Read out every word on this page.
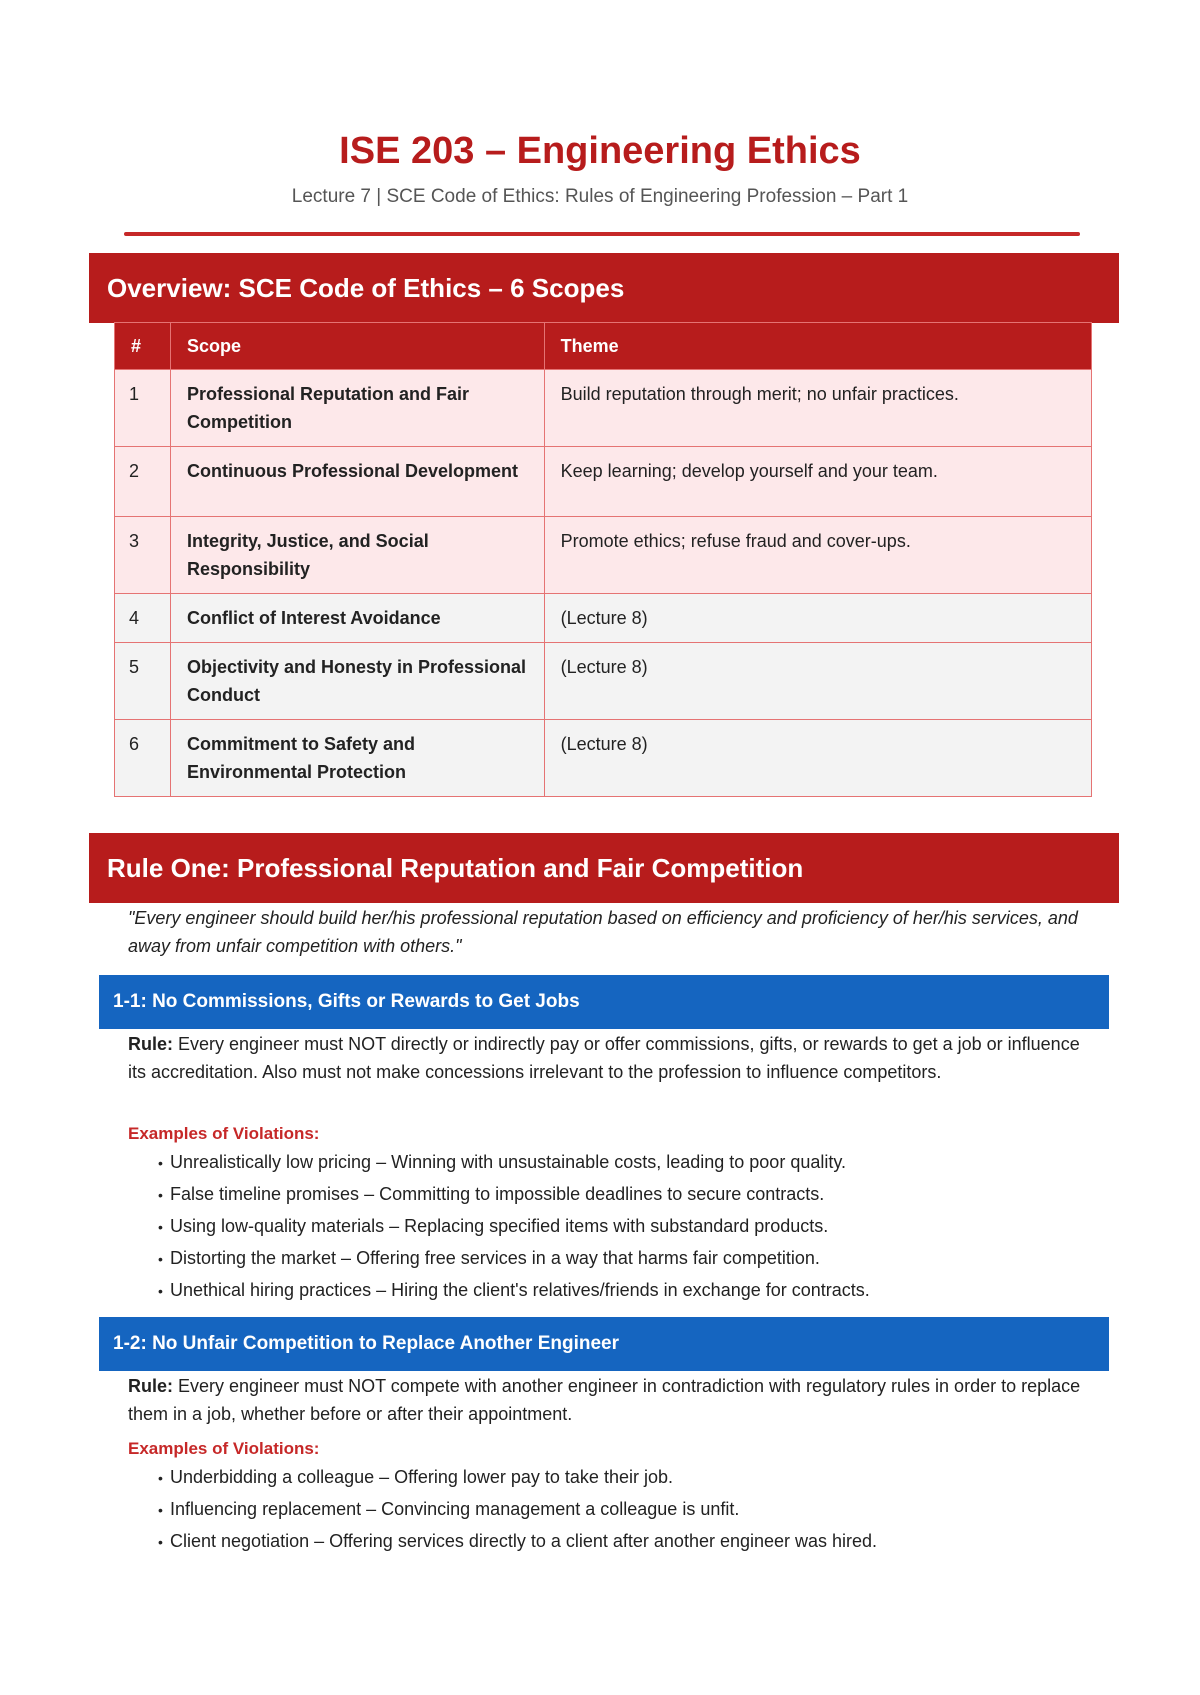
ISE 203 – Engineering Ethics
Lecture 7 | SCE Code of Ethics: Rules of Engineering Profession – Part 1
Overview: SCE Code of Ethics – 6 Scopes
#	Scope	Theme
1	Professional Reputation and Fair Competition	Build reputation through merit; no unfair practices.
2	Continuous Professional Development	Keep learning; develop yourself and your team.
3	Integrity, Justice, and Social Responsibility	Promote ethics; refuse fraud and cover-ups.
4	Conflict of Interest Avoidance	(Lecture 8)
5	Objectivity and Honesty in Professional Conduct	(Lecture 8)
6	Commitment to Safety and Environmental Protection	(Lecture 8)
Rule One: Professional Reputation and Fair Competition
"Every engineer should build her/his professional reputation based on efficiency and proficiency of her/his services, and away from unfair competition with others."
1-1: No Commissions, Gifts or Rewards to Get Jobs
Rule: Every engineer must NOT directly or indirectly pay or offer commissions, gifts, or rewards to get a job or influence its accreditation. Also must not make concessions irrelevant to the profession to influence competitors.
Examples of Violations:
• Unrealistically low pricing – Winning with unsustainable costs, leading to poor quality.
• False timeline promises – Committing to impossible deadlines to secure contracts.
• Using low-quality materials – Replacing specified items with substandard products.
• Distorting the market – Offering free services in a way that harms fair competition.
• Unethical hiring practices – Hiring the client's relatives/friends in exchange for contracts.
1-2: No Unfair Competition to Replace Another Engineer
Rule: Every engineer must NOT compete with another engineer in contradiction with regulatory rules in order to replace them in a job, whether before or after their appointment.
Examples of Violations:
• Underbidding a colleague – Offering lower pay to take their job.
• Influencing replacement – Convincing management a colleague is unfit.
• Client negotiation – Offering services directly to a client after another engineer was hired.
